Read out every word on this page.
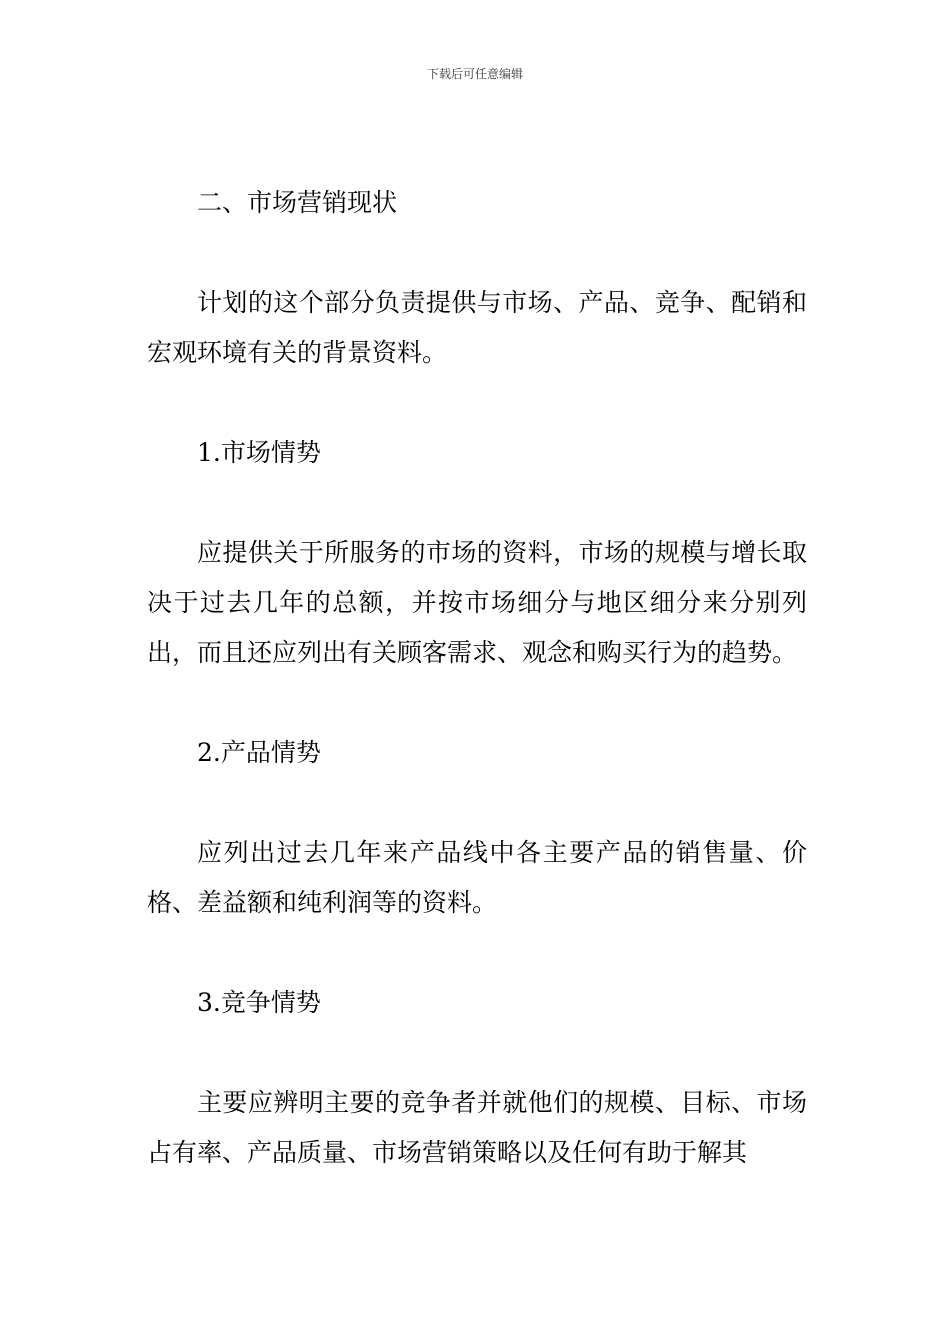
下载后可任意编辑
二、市场营销现状

计划的这个部分负责提供与市场、产品、竞争、配销和宏观环境有关的背景资料。

1.市场情势

应提供关于所服务的市场的资料，市场的规模与增长取决于过去几年的总额，并按市场细分与地区细分来分别列出，而且还应列出有关顾客需求、观念和购买行为的趋势。

2.产品情势

应列出过去几年来产品线中各主要产品的销售量、价格、差益额和纯利润等的资料。

3.竞争情势

主要应辨明主要的竞争者并就他们的规模、目标、市场占有率、产品质量、市场营销策略以及任何有助于解其
